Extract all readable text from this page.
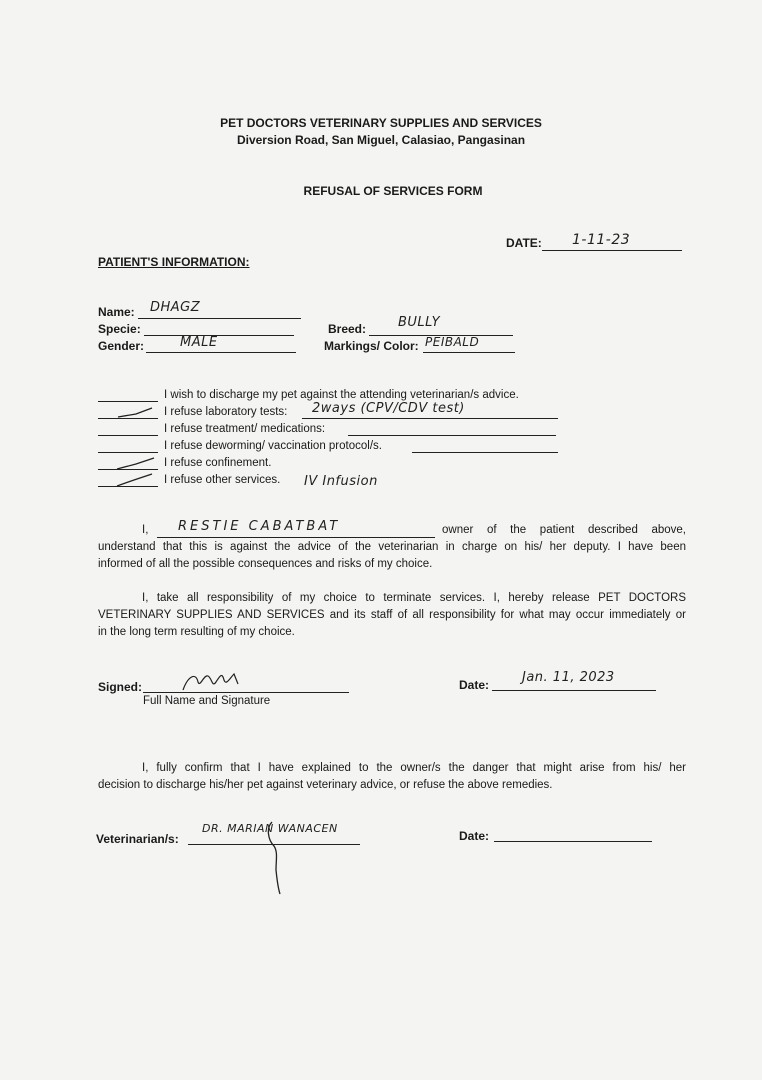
PET DOCTORS VETERINARY SUPPLIES AND SERVICES
Diversion Road, San Miguel, Calasiao, Pangasinan
REFUSAL OF SERVICES FORM
DATE: 1-11-23
PATIENT'S INFORMATION:
Name: DHAGZ
Specie:
Gender:	MALE
Breed: BULLY
Markings/ Color: PEIBALD
I wish to discharge my pet against the attending veterinarian/s advice.
I refuse laboratory tests: 2ways (CPV/CDV test)
I refuse treatment/ medications:
I refuse deworming/ vaccination protocol/s.
I refuse confinement.
I refuse other services. IV Infusion
I, RESTIE CABATBAT	owner of the patient described above,
understand that this is against the advice of the veterinarian in charge on his/ her deputy. I have been
informed of all the possible consequences and risks of my choice.
I, take all responsibility of my choice to terminate services. I, hereby release PET DOCTORS
VETERINARY SUPPLIES AND SERVICES and its staff of all responsibility for what may occur immediately or
in the long term resulting of my choice.
Signed:
Full Name and Signature
Date:	Jan. 11, 2023
I, fully confirm that I have explained to the owner/s the danger that might arise from his/ her
decision to discharge his/her pet against veterinary advice, or refuse the above remedies.
Veterinarian/s:
DR. MARIAN WANACEN
Date:
